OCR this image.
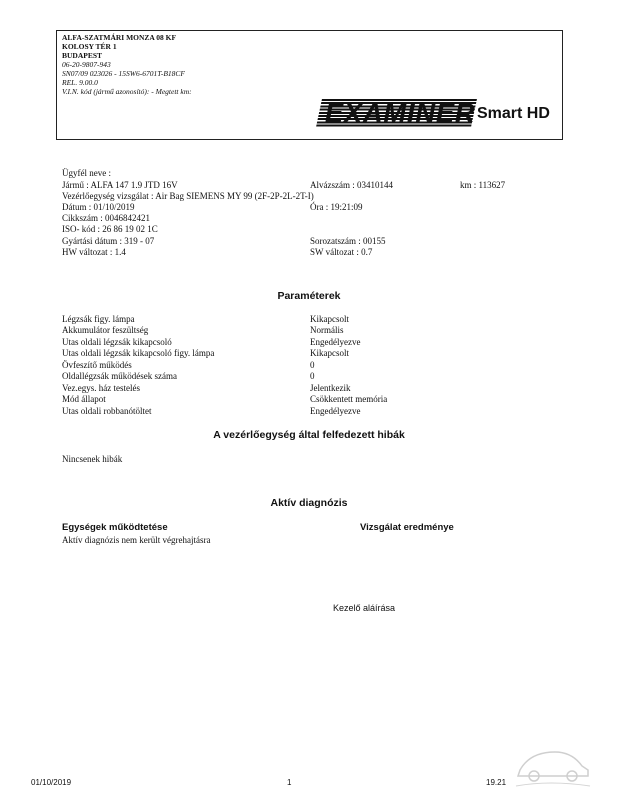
ALFA-SZATMÁRI MONZA 08 KF
KOLOSY TÉR 1
BUDAPEST
06-20-9807-943
SN07/09 023026 - 15SW6-6701T-B18CF
REL. 9.00.0
V.I.N. kód (jármű azonosító): - Megtett km:
EXAMINER Smart HD
Ügyfél neve :
Jármű : ALFA 147 1.9 JTD 16V	Alvázszám : 03410144	km : 113627
Vezérlőegység vizsgálat : Air Bag SIEMENS MY 99 (2F-2P-2L-2T-I)
Dátum : 01/10/2019	Óra : 19:21:09
Cikkszám : 0046842421
ISO- kód : 26 86 19 02 1C
Gyártási dátum : 319 - 07	Sorozatszám : 00155
HW változat : 1.4	SW változat : 0.7
Paraméterek
Légzsák figy. lámpa	Kikapcsolt
Akkumulátor feszültség	Normális
Utas oldali légzsák kikapcsoló	Engedélyezve
Utas oldali légzsák kikapcsoló figy. lámpa	Kikapcsolt
Övfeszítő működés	0
Oldallégzsák működések száma	0
Vez.egys. ház testelés	Jelentkezik
Mód állapot	Csökkentett memória
Utas oldali robbanótöltet	Engedélyezve
A vezérlőegység által felfedezett hibák
Nincsenek hibák
Aktív diagnózis
Egységek működtetése	Vizsgálat eredménye
Aktív diagnózis nem került végrehajtásra
Kezelő aláírása
01/10/2019	1	19.21
